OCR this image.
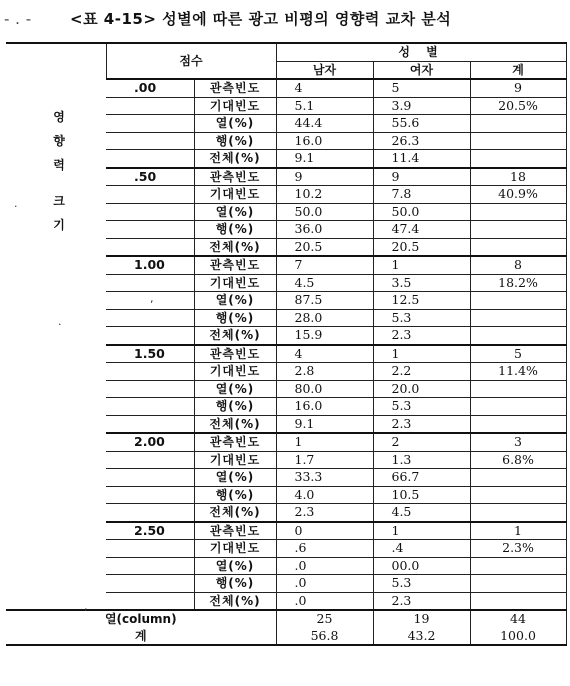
- . -	<표 4-15> 성별에 따른 광고 비평의 영향력 교차 분석
	점수		성 별		
			남자	여자	계
	.00	관측빈도	4	5	9
		기대빈도	5.1	3.9	20.5%
		열(%)	44.4	55.6	
		행(%)	16.0	26.3	
		전체(%)	9.1	11.4	
	.50	관측빈도	9	9	18
		기대빈도	10.2	7.8	40.9%
		열(%)	50.0	50.0	
		행(%)	36.0	47.4	
		전체(%)	20.5	20.5	
	1.00	관측빈도	7	1	8
		기대빈도	4.5	3.5	18.2%
		열(%)	87.5	12.5	
		행(%)	28.0	5.3	
		전체(%)	15.9	2.3	
	1.50	관측빈도	4	1	5
		기대빈도	2.8	2.2	11.4%
		열(%)	80.0	20.0	
		행(%)	16.0	5.3	
		전체(%)	9.1	2.3	
	2.00	관측빈도	1	2	3
		기대빈도	1.7	1.3	6.8%
		열(%)	33.3	66.7	
		행(%)	4.0	10.5	
		전체(%)	2.3	4.5	
	2.50	관측빈도	0	1	1
		기대빈도	.6	.4	2.3%
		열(%)	.0	00.0	
		행(%)	.0	5.3	
		전체(%)	.0	2.3	
열(column)			25	19	44
계			56.8	43.2	100.0
영
향
력
크
기
·
·
,
,
